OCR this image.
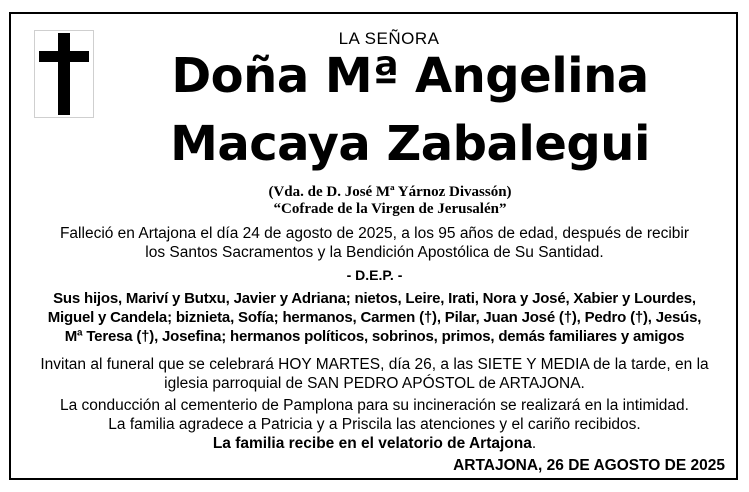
LA SEÑORA
Doña Mª Angelina
Macaya Zabalegui
(Vda. de D. José Mª Yárnoz Divassón)
“Cofrade de la Virgen de Jerusalén”
Falleció en Artajona el día 24 de agosto de 2025, a los 95 años de edad, después de recibir
los Santos Sacramentos y la Bendición Apostólica de Su Santidad.
- D.E.P. -
Sus hijos, Mariví y Butxu, Javier y Adriana; nietos, Leire, Irati, Nora y José, Xabier y Lourdes,
Miguel y Candela; biznieta, Sofía; hermanos, Carmen (†), Pilar, Juan José (†), Pedro (†), Jesús,
Mª Teresa (†), Josefina; hermanos políticos, sobrinos, primos, demás familiares y amigos
Invitan al funeral que se celebrará HOY MARTES, día 26, a las SIETE Y MEDIA de la tarde, en la
iglesia parroquial de SAN PEDRO APÓSTOL de ARTAJONA.
La conducción al cementerio de Pamplona para su incineración se realizará en la intimidad.
La familia agradece a Patricia y a Priscila las atenciones y el cariño recibidos.
La familia recibe en el velatorio de Artajona.
ARTAJONA, 26 DE AGOSTO DE 2025
